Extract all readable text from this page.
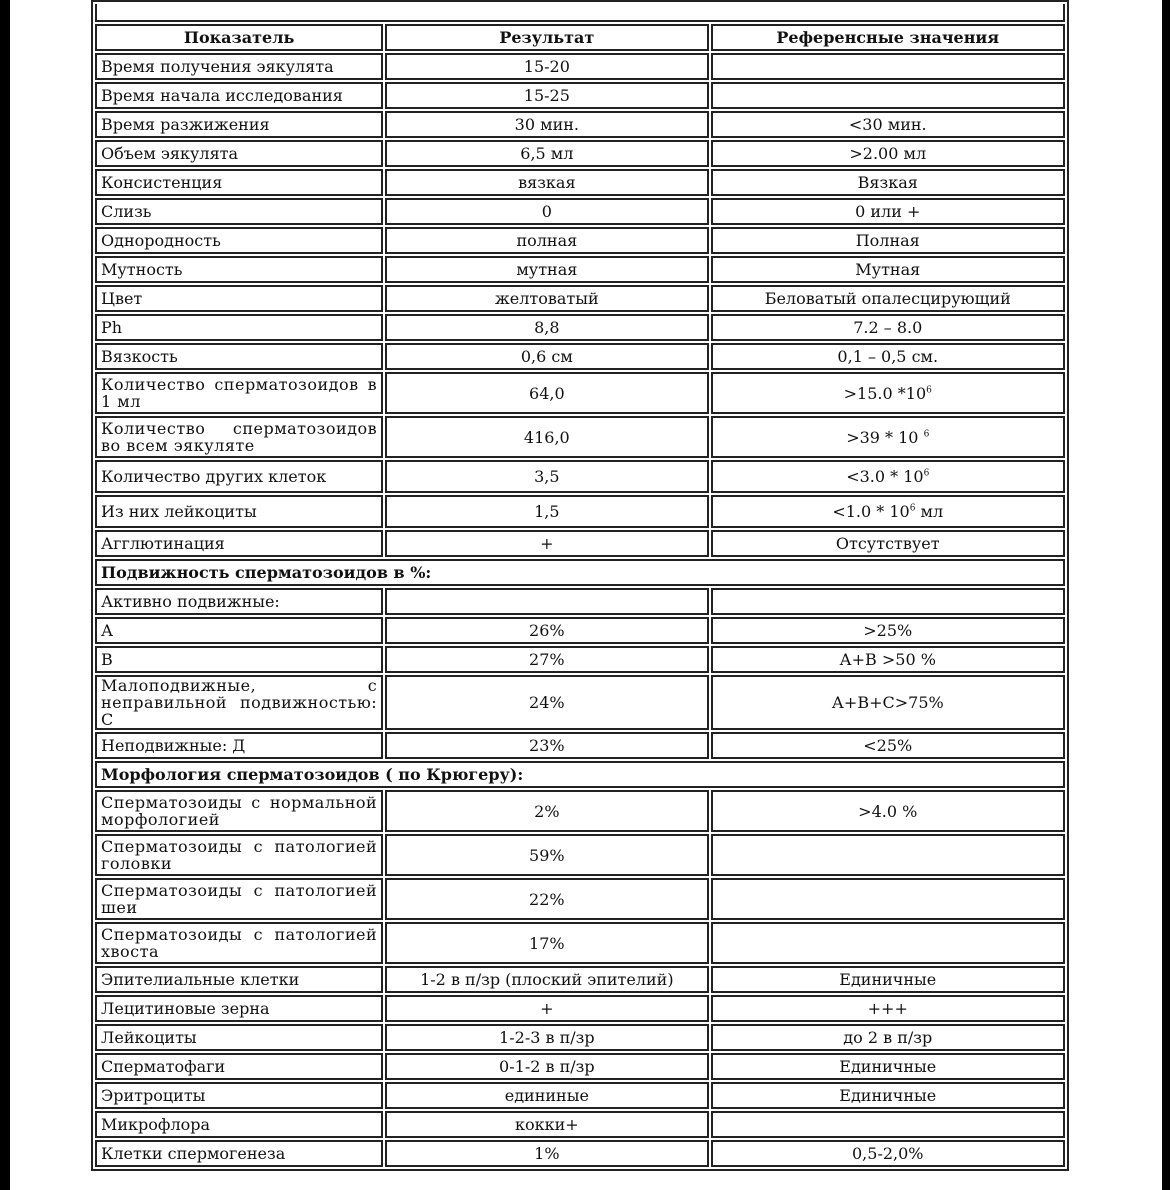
Показатель	Результат	Референсные значения
Время получения эякулята	15-20	
Время начала исследования	15-25	
Время разжижения	30 мин.	<30 мин.
Объем эякулята	6,5 мл	>2.00 мл
Консистенция	вязкая	Вязкая
Слизь	0	0 или +
Однородность	полная	Полная
Мутность	мутная	Мутная
Цвет	желтоватый	Беловатый опалесцирующий
Ph	8,8	7.2 – 8.0
Вязкость	0,6 см	0,1 – 0,5 см.
Количество сперматозоидов в 1 мл	64,0	>15.0 $*10^6$
Количество сперматозоидов во всем эякуляте	416,0	>39 * 10 $^6$
Количество других клеток	3,5	$<3.0 * 10^6$
Из них лейкоциты	1,5	$<1.0 * 10^6$ мл
Агглютинация	+	Отсутствует
Подвижность сперматозоидов в %:		
Активно подвижные:		
А	26%	>25%
В	27%	А+В >50 %
Малоподвижные, с неправильной подвижностью: С	24%	А+В+С>75%
Неподвижные: Д	23%	<25%
Морфология сперматозоидов ( по Крюгеру):		
Сперматозоиды с нормальной морфологией	2%	>4.0 %
Сперматозоиды с патологией головки	59%	
Сперматозоиды с патологией шеи	22%	
Сперматозоиды с патологией хвоста	17%	
Эпителиальные клетки	1-2 в п/зр (плоский эпителий)	Единичные
Лецитиновые зерна	+	+++
Лейкоциты	1-2-3 в п/зр	до 2 в п/зр
Сперматофаги	0-1-2 в п/зр	Единичные
Эритроциты	едининые	Единичные
Микрофлора	кокки+	
Клетки спермогенеза	1%	0,5-2,0%
